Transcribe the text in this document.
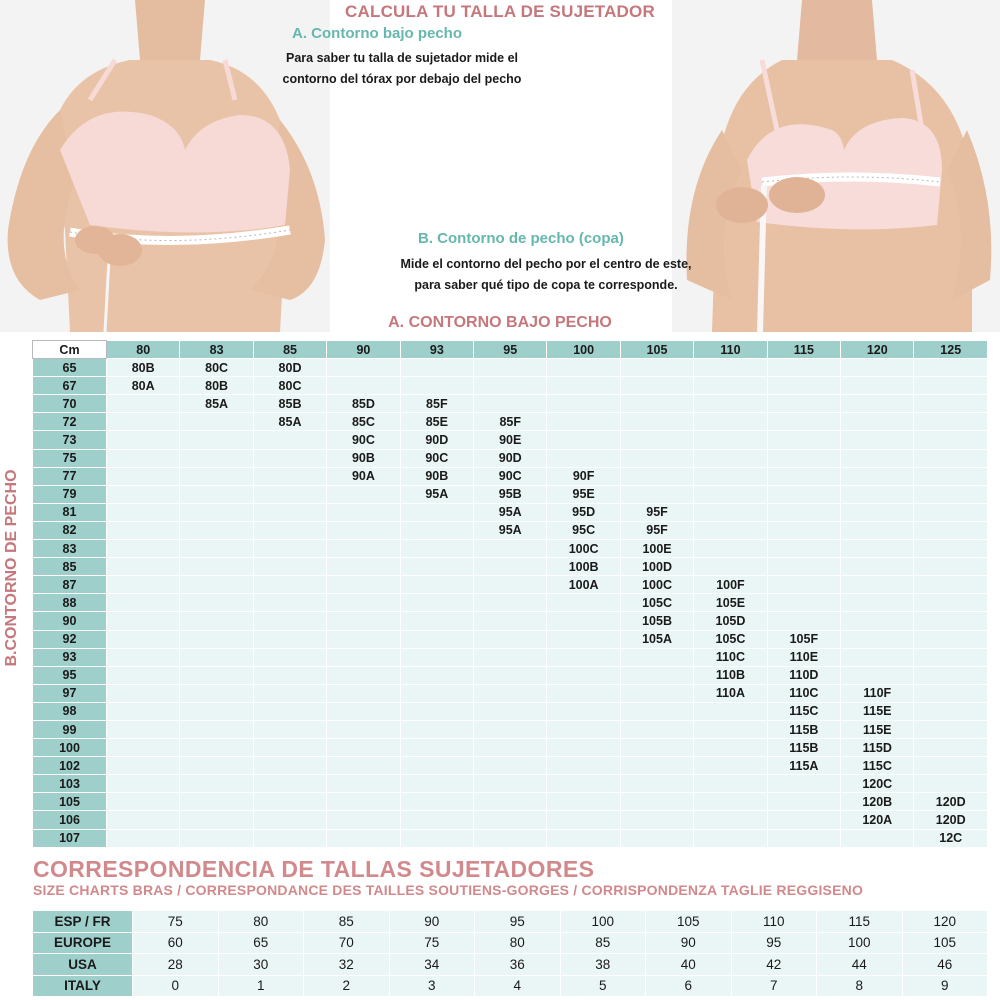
CALCULA TU TALLA DE SUJETADOR
A. Contorno bajo pecho
Para saber tu talla de sujetador mide el
contorno del tórax por debajo del pecho
B. Contorno de pecho (copa)
Mide el contorno del pecho por el centro de este,
para saber qué tipo de copa te corresponde.
A. CONTORNO BAJO PECHO
B.CONTORNO DE PECHO
Cm	80	83	85	90	93	95	100	105	110	115	120	125
65	80B	80C	80D									
67	80A	80B	80C									
70		85A	85B	85D	85F							
72			85A	85C	85E	85F						
73				90C	90D	90E						
75				90B	90C	90D						
77				90A	90B	90C	90F					
79					95A	95B	95E					
81						95A	95D	95F				
82						95A	95C	95F				
83							100C	100E				
85							100B	100D				
87							100A	100C	100F			
88								105C	105E			
90								105B	105D			
92								105A	105C	105F		
93									110C	110E		
95									110B	110D		
97									110A	110C	110F	
98										115C	115E	
99										115B	115E	
100										115B	115D	
102										115A	115C	
103											120C	
105											120B	120D
106											120A	120D
107												12C
CORRESPONDENCIA DE TALLAS SUJETADORES
SIZE CHARTS BRAS / CORRESPONDANCE DES TAILLES SOUTIENS-GORGES / CORRISPONDENZA TAGLIE REGGISENO
ESP / FR	75	80	85	90	95	100	105	110	115	120
EUROPE	60	65	70	75	80	85	90	95	100	105
USA	28	30	32	34	36	38	40	42	44	46
ITALY	0	1	2	3	4	5	6	7	8	9
